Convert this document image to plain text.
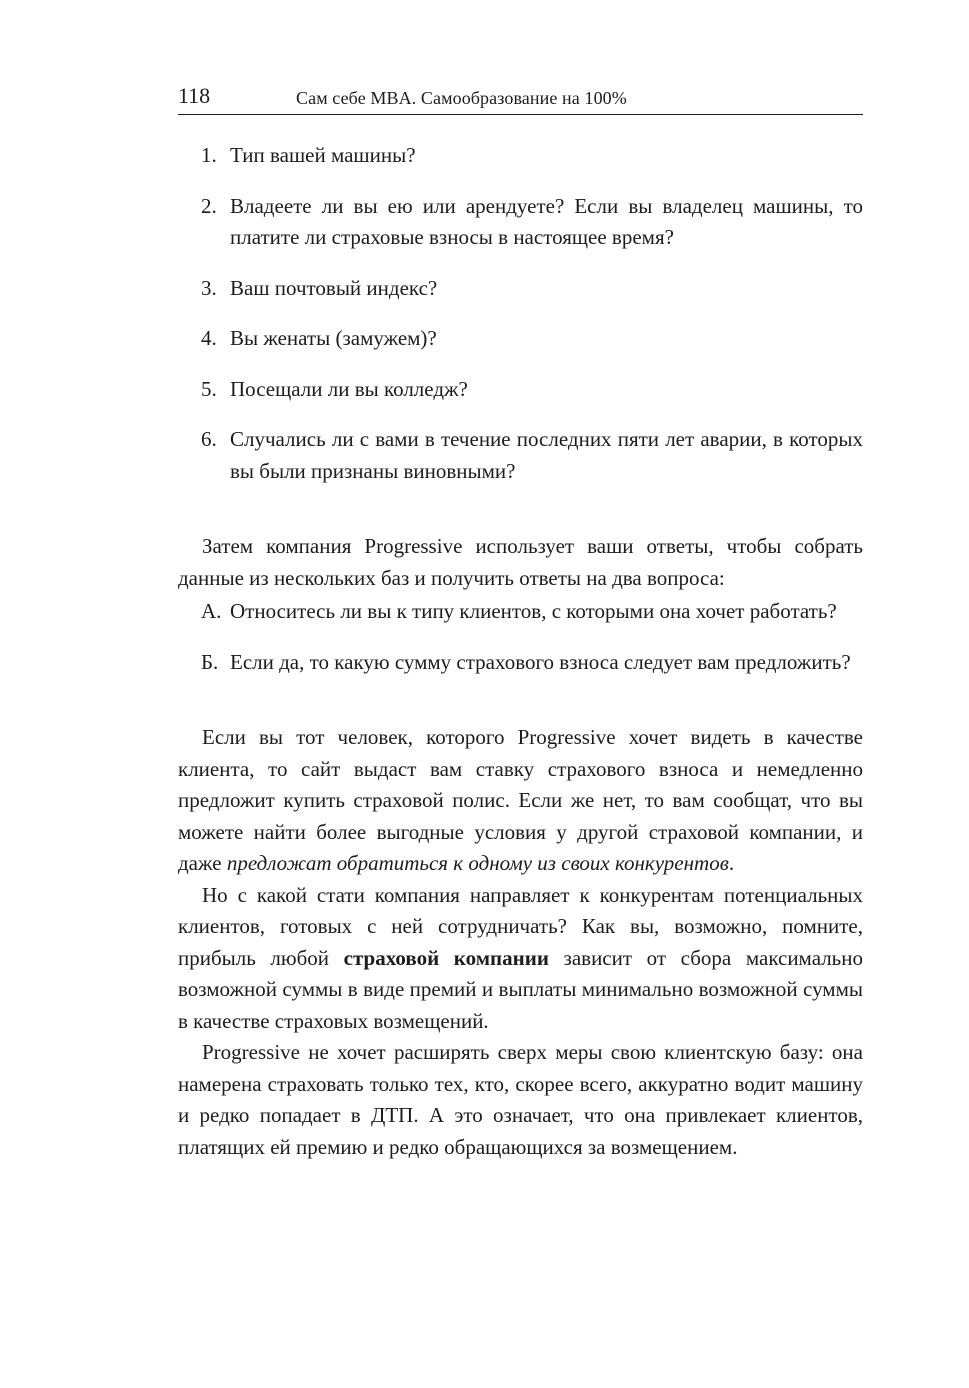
118	Сам себе MBA. Самообразование на 100%
1. Тип вашей машины?
2. Владеете ли вы ею или арендуете? Если вы владелец машины, то платите ли страховые взносы в настоящее время?
3. Ваш почтовый индекс?
4. Вы женаты (замужем)?
5. Посещали ли вы колледж?
6. Случались ли с вами в течение последних пяти лет аварии, в которых вы были признаны виновными?

Затем компания Progressive использует ваши ответы, чтобы собрать данные из нескольких баз и получить ответы на два вопроса:

А. Относитесь ли вы к типу клиентов, с которыми она хочет работать?
Б. Если да, то какую сумму страхового взноса следует вам предложить?

Если вы тот человек, которого Progressive хочет видеть в качестве клиента, то сайт выдаст вам ставку страхового взноса и немедленно предложит купить страховой полис. Если же нет, то вам сообщат, что вы можете найти более выгодные условия у другой страховой компании, и даже предложат обратиться к одному из своих конкурентов.

Но с какой стати компания направляет к конкурентам потенциальных клиентов, готовых с ней сотрудничать? Как вы, возможно, помните, прибыль любой страховой компании зависит от сбора максимально возможной суммы в виде премий и выплаты минимально возможной суммы в качестве страховых возмещений.

Progressive не хочет расширять сверх меры свою клиентскую базу: она намерена страховать только тех, кто, скорее всего, аккуратно водит машину и редко попадает в ДТП. А это означает, что она привлекает клиентов, платящих ей премию и редко обращающихся за возмещением.
